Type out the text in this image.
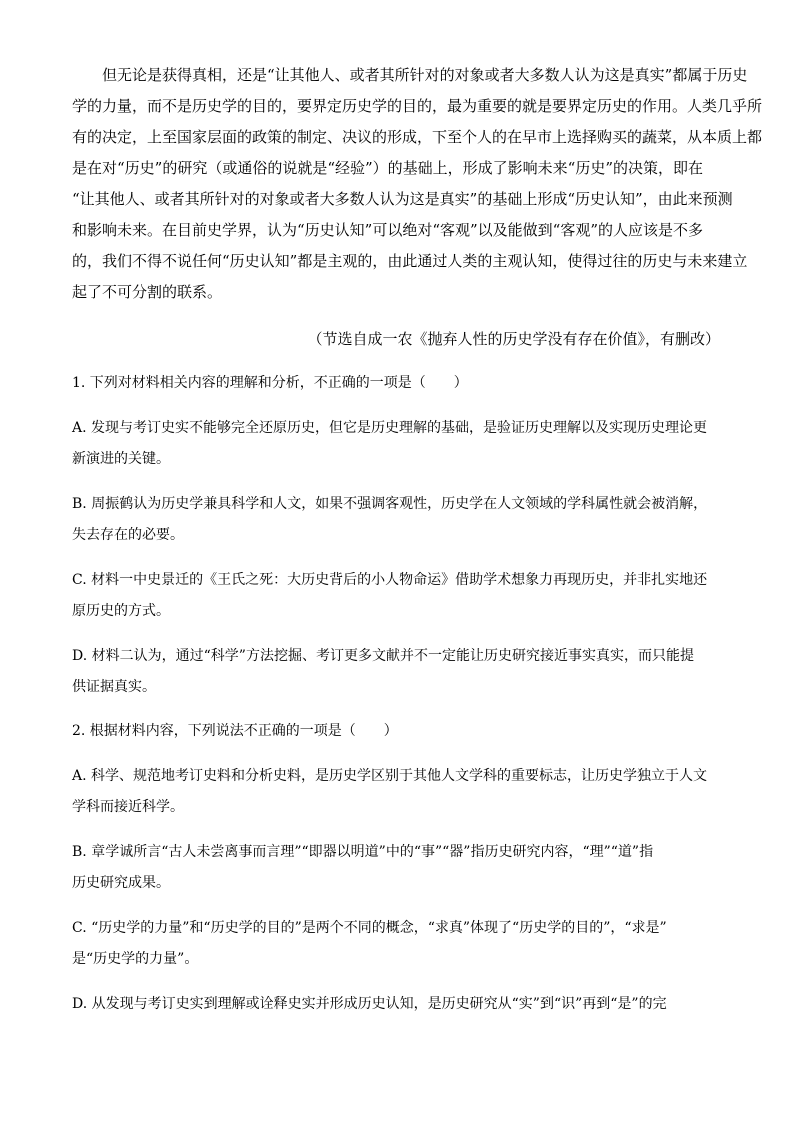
但无论是获得真相，还是“让其他人、或者其所针对的对象或者大多数人认为这是真实”都属于历史
学的力量，而不是历史学的目的，要界定历史学的目的，最为重要的就是要界定历史的作用。人类几乎所
有的决定，上至国家层面的政策的制定、决议的形成，下至个人的在早市上选择购买的蔬菜，从本质上都
是在对“历史”的研究（或通俗的说就是“经验”）的基础上，形成了影响未来“历史”的决策，即在
“让其他人、或者其所针对的对象或者大多数人认为这是真实”的基础上形成“历史认知”，由此来预测
和影响未来。在目前史学界，认为“历史认知”可以绝对“客观”以及能做到“客观”的人应该是不多
的，我们不得不说任何“历史认知”都是主观的，由此通过人类的主观认知，使得过往的历史与未来建立
起了不可分割的联系。
（节选自成一农《抛弃人性的历史学没有存在价值》，有删改）

1. 下列对材料相关内容的理解和分析，不正确的一项是（　　）

A. 发现与考订史实不能够完全还原历史，但它是历史理解的基础，是验证历史理解以及实现历史理论更
新演进的关键。
B. 周振鹤认为历史学兼具科学和人文，如果不强调客观性，历史学在人文领域的学科属性就会被消解，
失去存在的必要。
C. 材料一中史景迁的《王氏之死：大历史背后的小人物命运》借助学术想象力再现历史，并非扎实地还
原历史的方式。
D. 材料二认为，通过“科学”方法挖掘、考订更多文献并不一定能让历史研究接近事实真实，而只能提
供证据真实。

2. 根据材料内容，下列说法不正确的一项是（　　）

A. 科学、规范地考订史料和分析史料，是历史学区别于其他人文学科的重要标志，让历史学独立于人文
学科而接近科学。
B. 章学诚所言“古人未尝离事而言理”“即器以明道”中的“事”“器”指历史研究内容，“理”“道”指
历史研究成果。
C. “历史学的力量”和“历史学的目的”是两个不同的概念，“求真”体现了“历史学的目的”，“求是”
是“历史学的力量”。
D. 从发现与考订史实到理解或诠释史实并形成历史认知，是历史研究从“实”到“识”再到“是”的完
